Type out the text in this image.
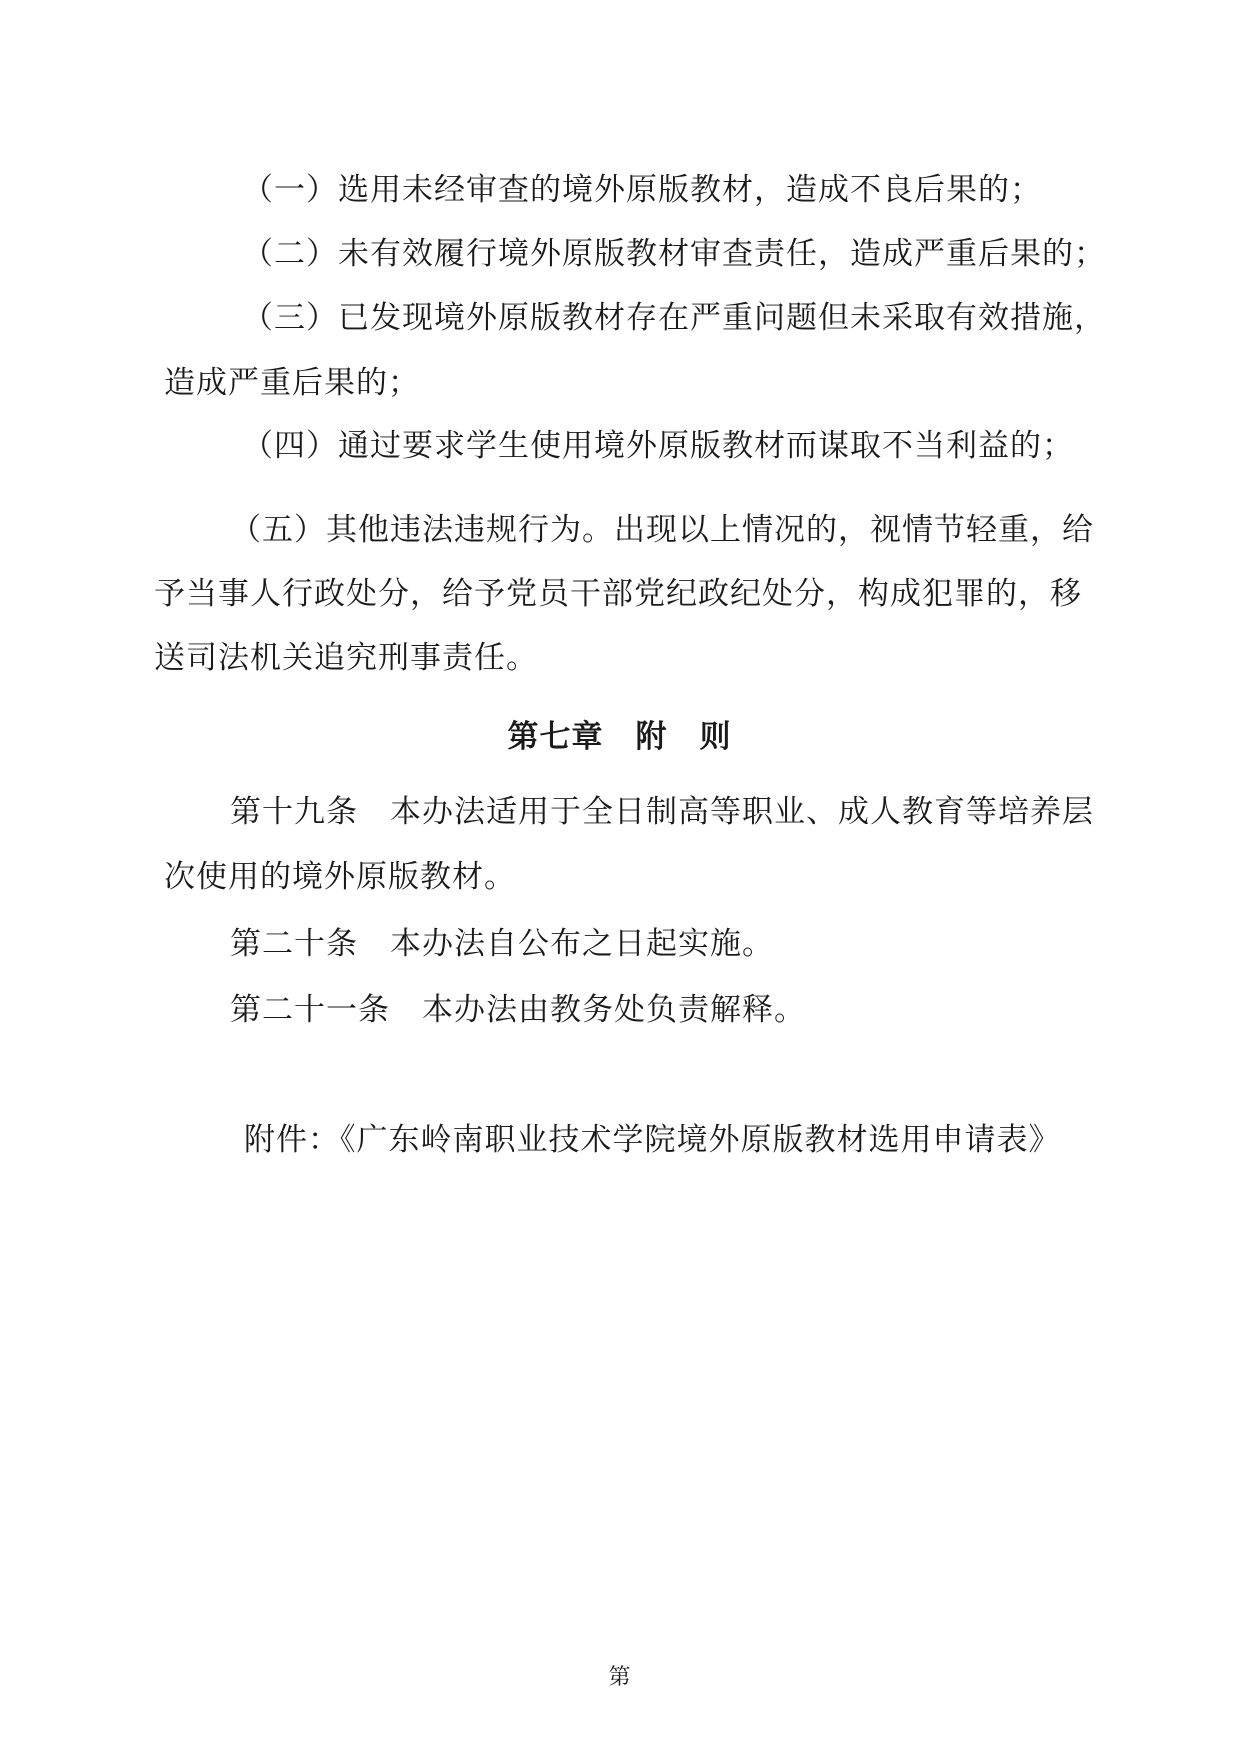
（一）选用未经审查的境外原版教材，造成不良后果的；
（二）未有效履行境外原版教材审查责任，造成严重后果的；
（三）已发现境外原版教材存在严重问题但未采取有效措施，
造成严重后果的；
（四）通过要求学生使用境外原版教材而谋取不当利益的；
（五）其他违法违规行为。出现以上情况的，视情节轻重，给
予当事人行政处分，给予党员干部党纪政纪处分，构成犯罪的，移
送司法机关追究刑事责任。
第七章　附　则
第十九条　本办法适用于全日制高等职业、成人教育等培养层
次使用的境外原版教材。
第二十条　本办法自公布之日起实施。
第二十一条　本办法由教务处负责解释。
附件：《广东岭南职业技术学院境外原版教材选用申请表》
第
